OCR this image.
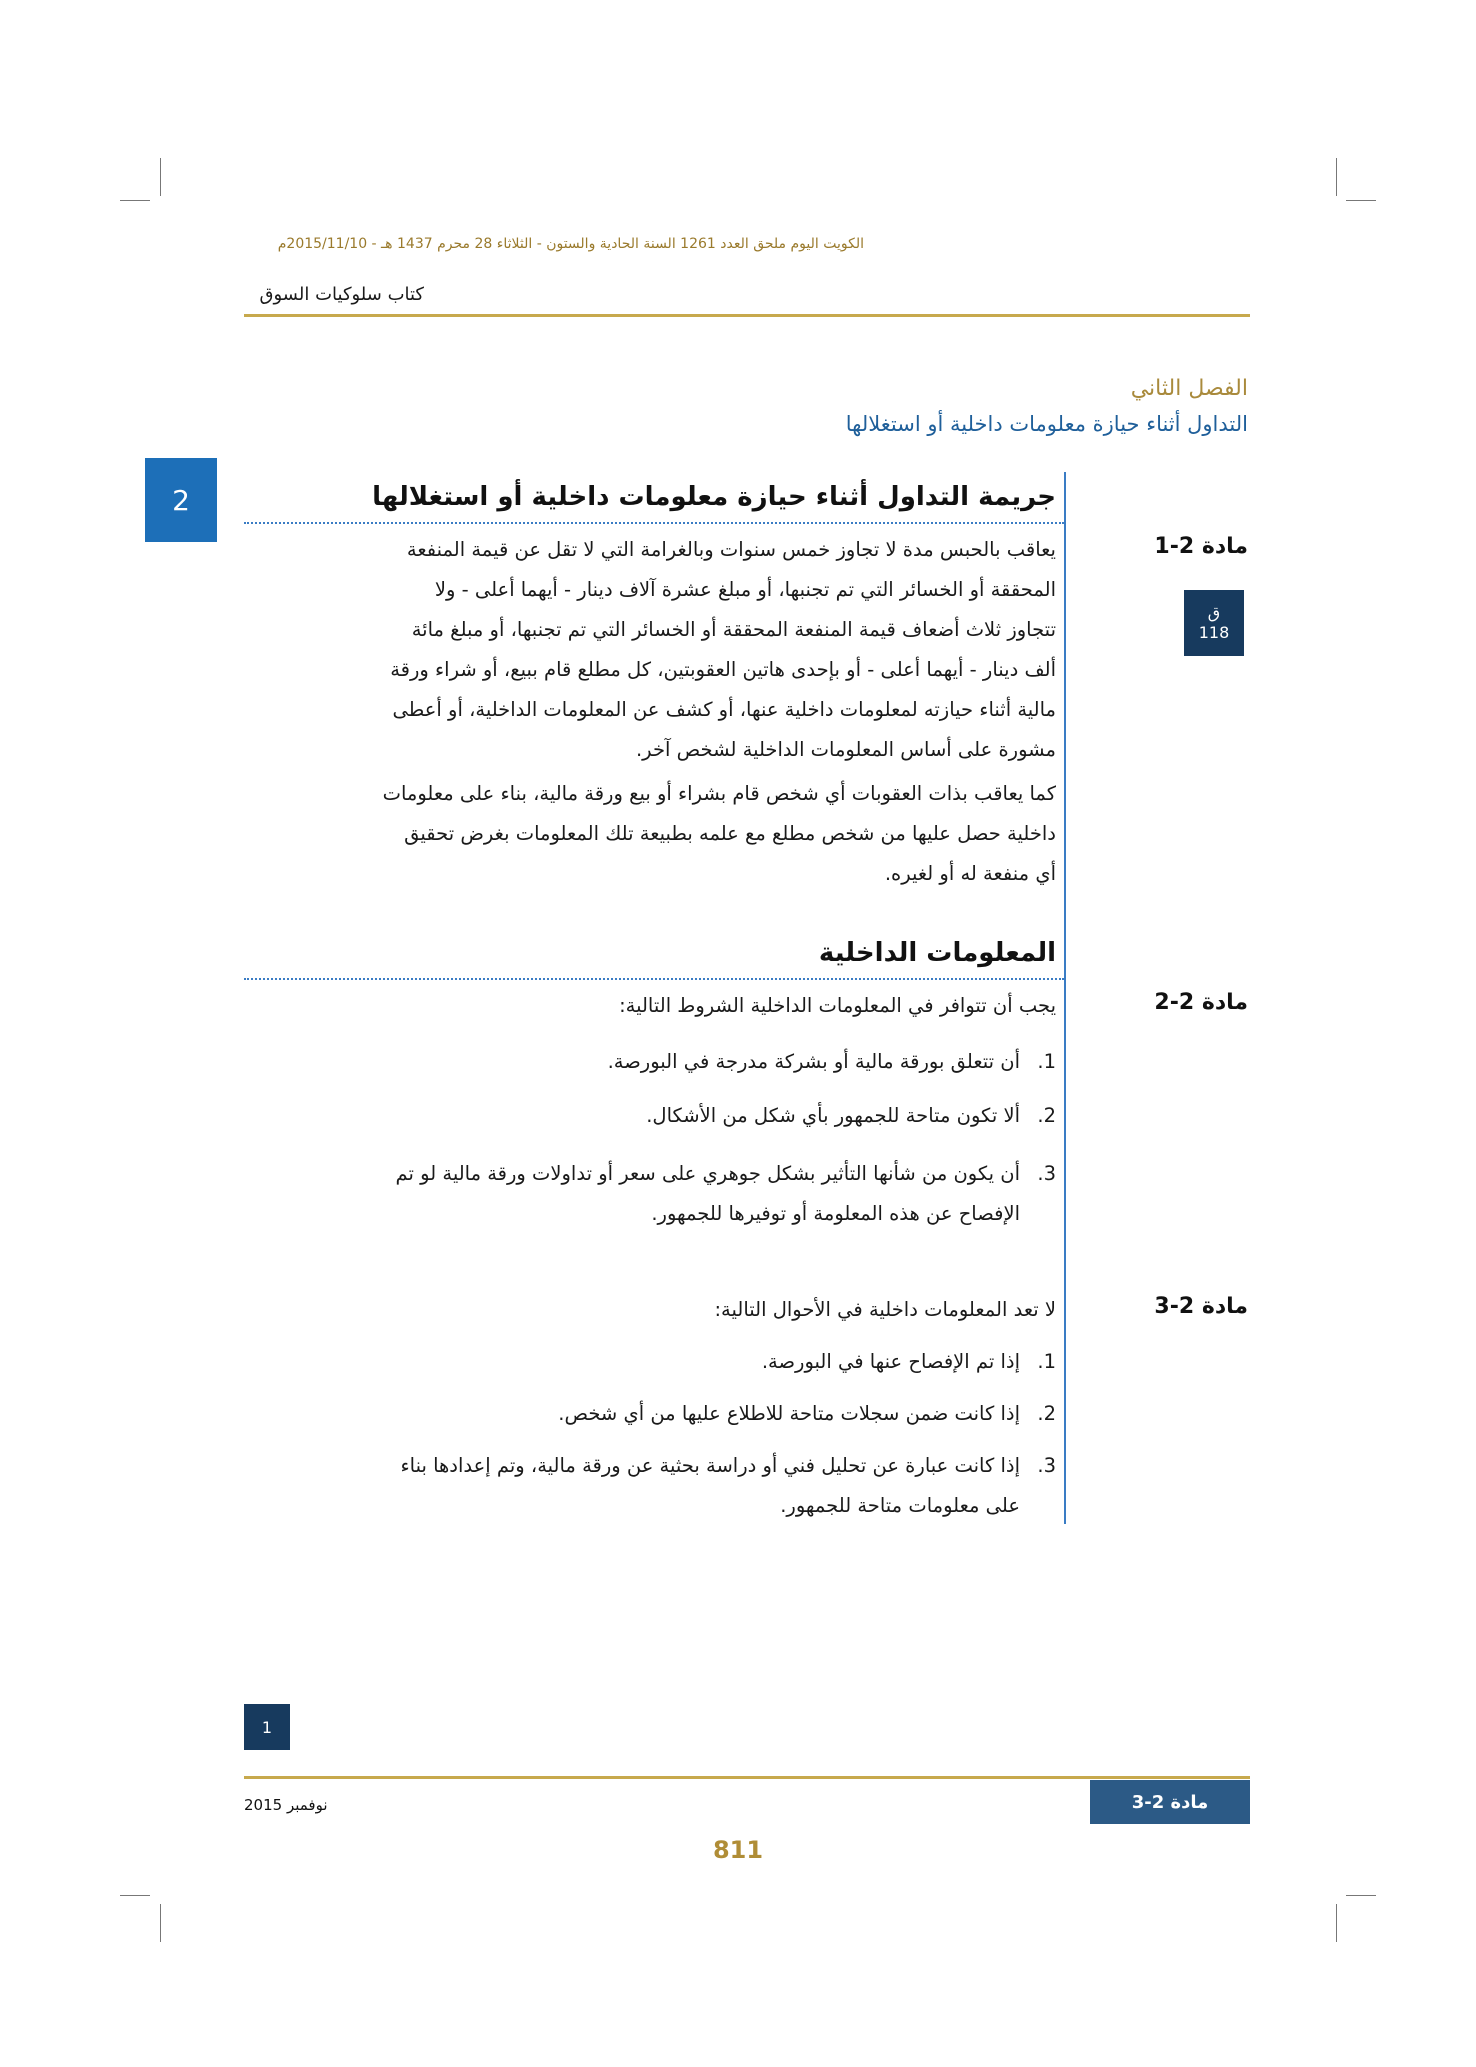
الكويت اليوم ملحق العدد 1261 السنة الحادية والستون - الثلاثاء 28 محرم 1437 هـ - 2015/11/10م
كتاب سلوكيات السوق
الفصل الثاني
التداول أثناء حيازة معلومات داخلية أو استغلالها
2	جريمة التداول أثناء حيازة معلومات داخلية أو استغلالها
مادة 2-1
ق
118
يعاقب بالحبس مدة لا تجاوز خمس سنوات وبالغرامة التي لا تقل عن قيمة المنفعة
المحققة أو الخسائر التي تم تجنبها، أو مبلغ عشرة آلاف دينار - أيهما أعلى - ولا
تتجاوز ثلاث أضعاف قيمة المنفعة المحققة أو الخسائر التي تم تجنبها، أو مبلغ مائة
ألف دينار - أيهما أعلى - أو بإحدى هاتين العقوبتين، كل مطلع قام ببيع، أو شراء ورقة
مالية أثناء حيازته لمعلومات داخلية عنها، أو كشف عن المعلومات الداخلية، أو أعطى
مشورة على أساس المعلومات الداخلية لشخص آخر.
كما يعاقب بذات العقوبات أي شخص قام بشراء أو بيع ورقة مالية، بناء على معلومات
داخلية حصل عليها من شخص مطلع مع علمه بطبيعة تلك المعلومات بغرض تحقيق
أي منفعة له أو لغيره.
المعلومات الداخلية
مادة 2-2
يجب أن تتوافر في المعلومات الداخلية الشروط التالية:
1.
أن تتعلق بورقة مالية أو بشركة مدرجة في البورصة.
2.
ألا تكون متاحة للجمهور بأي شكل من الأشكال.
3.
أن يكون من شأنها التأثير بشكل جوهري على سعر أو تداولات ورقة مالية لو تم
الإفصاح عن هذه المعلومة أو توفيرها للجمهور.
مادة 2-3
لا تعد المعلومات داخلية في الأحوال التالية:
1.
إذا تم الإفصاح عنها في البورصة.
2.
إذا كانت ضمن سجلات متاحة للاطلاع عليها من أي شخص.
3.
إذا كانت عبارة عن تحليل فني أو دراسة بحثية عن ورقة مالية، وتم إعدادها بناء
على معلومات متاحة للجمهور.
1
نوفمبر 2015	مادة 2-3
811
